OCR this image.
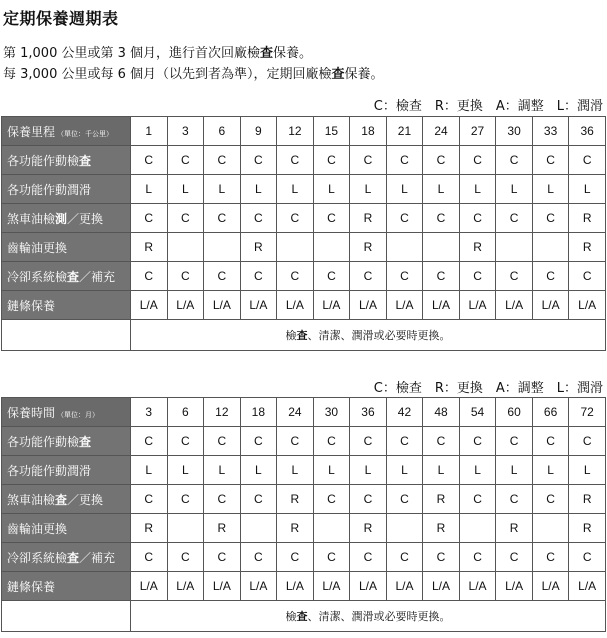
定期保養週期表
第 1,000 公里或第 3 個月，進行首次回廠檢查保養。
每 3,000 公里或每 6 個月（以先到者為準），定期回廠檢查保養。
C：檢查　R：更換　A：調整　L：潤滑
保養里程 （單位：千公里）	1	3	6	9	12	15	18	21	24	27	30	33	36
各功能作動檢查	C	C	C	C	C	C	C	C	C	C	C	C	C
各功能作動潤滑	L	L	L	L	L	L	L	L	L	L	L	L	L
煞車油檢測／更換	C	C	C	C	C	C	R	C	C	C	C	C	R
齒輪油更換	R			R			R			R			R
冷卻系統檢查／補充	C	C	C	C	C	C	C	C	C	C	C	C	C
鏈條保養	L/A	L/A	L/A	L/A	L/A	L/A	L/A	L/A	L/A	L/A	L/A	L/A	L/A
	檢查、清潔、潤滑或必要時更換。												
C：檢查　R：更換　A：調整　L：潤滑
保養時間 （單位：月）	3	6	12	18	24	30	36	42	48	54	60	66	72
各功能作動檢查	C	C	C	C	C	C	C	C	C	C	C	C	C
各功能作動潤滑	L	L	L	L	L	L	L	L	L	L	L	L	L
煞車油檢查／更換	C	C	C	C	R	C	C	C	R	C	C	C	R
齒輪油更換	R		R		R		R		R		R		R
冷卻系統檢查／補充	C	C	C	C	C	C	C	C	C	C	C	C	C
鏈條保養	L/A	L/A	L/A	L/A	L/A	L/A	L/A	L/A	L/A	L/A	L/A	L/A	L/A
	檢查、清潔、潤滑或必要時更換。												
